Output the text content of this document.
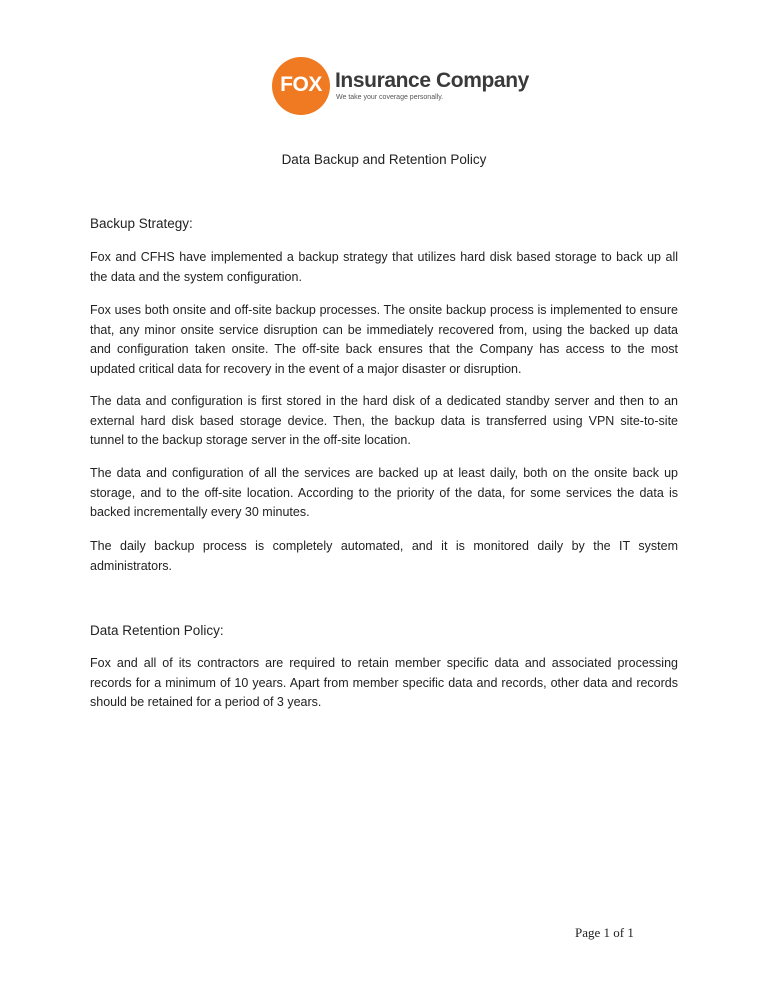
FOX Insurance Company
We take your coverage personally.
Data Backup and Retention Policy
Backup Strategy:

Fox and CFHS have implemented a backup strategy that utilizes hard disk based storage to back up all the data and the system configuration.

Fox uses both onsite and off-site backup processes. The onsite backup process is implemented to ensure that, any minor onsite service disruption can be immediately recovered from, using the backed up data and configuration taken onsite. The off-site back ensures that the Company has access to the most updated critical data for recovery in the event of a major disaster or disruption.

The data and configuration is first stored in the hard disk of a dedicated standby server and then to an external hard disk based storage device. Then, the backup data is transferred using VPN site-to-site tunnel to the backup storage server in the off-site location.

The data and configuration of all the services are backed up at least daily, both on the onsite back up storage, and to the off-site location. According to the priority of the data, for some services the data is backed incrementally every 30 minutes.

The daily backup process is completely automated, and it is monitored daily by the IT system administrators.

Data Retention Policy:

Fox and all of its contractors are required to retain member specific data and associated processing records for a minimum of 10 years. Apart from member specific data and records, other data and records should be retained for a period of 3 years.

Page 1 of 1
